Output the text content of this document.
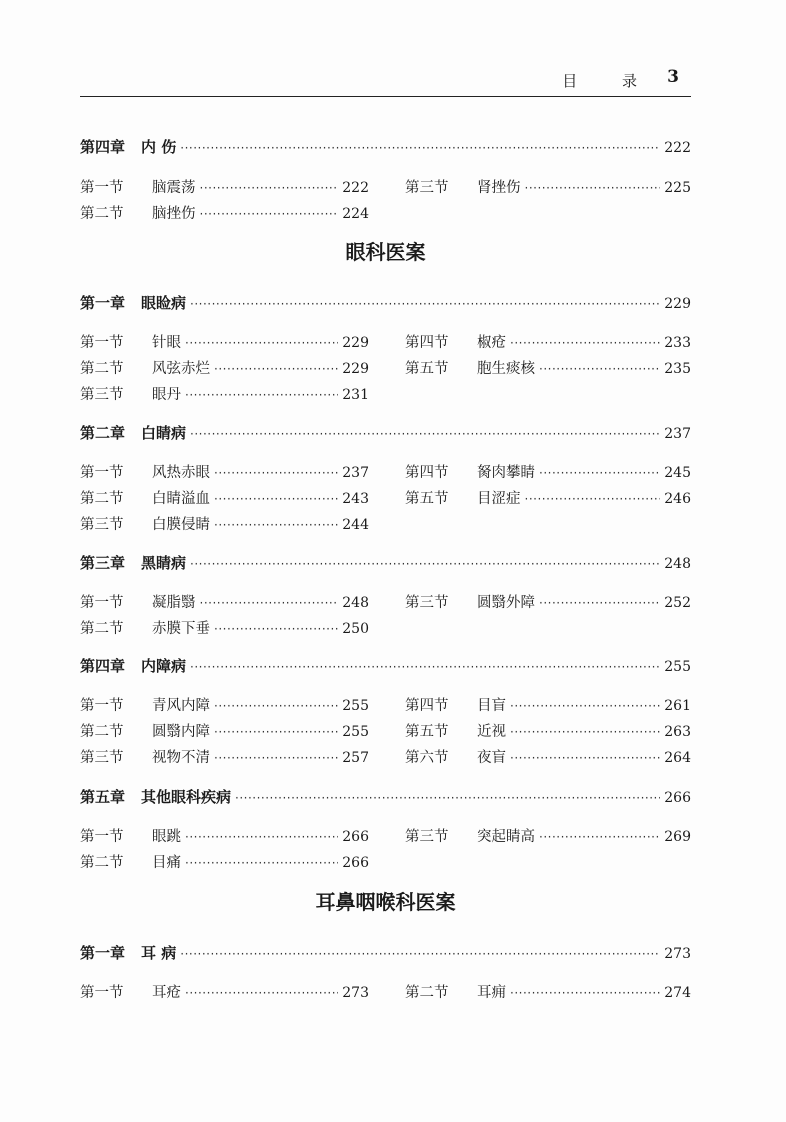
目 录 3
第四章 内 伤 ·····	222
第一节	脑震荡 ·····	222 第三节	肾挫伤 ·····	225
第二节	脑挫伤 ·····	224
眼科医案
第一章 眼睑病 ·····	229
第一节	针眼 ·····	229 第四节	椒疮 ·····	233
第二节	风弦赤烂 ·····	229 第五节	胞生痰核 ·····	235
第三节	眼丹 ·····	231
第二章 白睛病 ·····	237
第一节	风热赤眼 ·····	237 第四节	胬肉攀睛 ·····	245
第二节	白睛溢血 ·····	243 第五节	目涩症 ·····	246
第三节	白膜侵睛 ·····	244
第三章 黑睛病 ·····	248
第一节	凝脂翳 ·····	248 第三节	圆翳外障 ·····	252
第二节	赤膜下垂 ·····	250
第四章 内障病 ·····	255
第一节	青风内障 ·····	255 第四节	目盲 ·····	261
第二节	圆翳内障 ·····	255 第五节	近视 ·····	263
第三节	视物不清 ·····	257 第六节	夜盲 ·····	264
第五章 其他眼科疾病 ·····	266
第一节	眼跳 ·····	266 第三节	突起睛高 ·····	269
第二节	目痛 ·····	266
耳鼻咽喉科医案
第一章 耳 病 ·····	273
第一节	耳疮 ·····	273 第二节	耳痈 ·····	274
